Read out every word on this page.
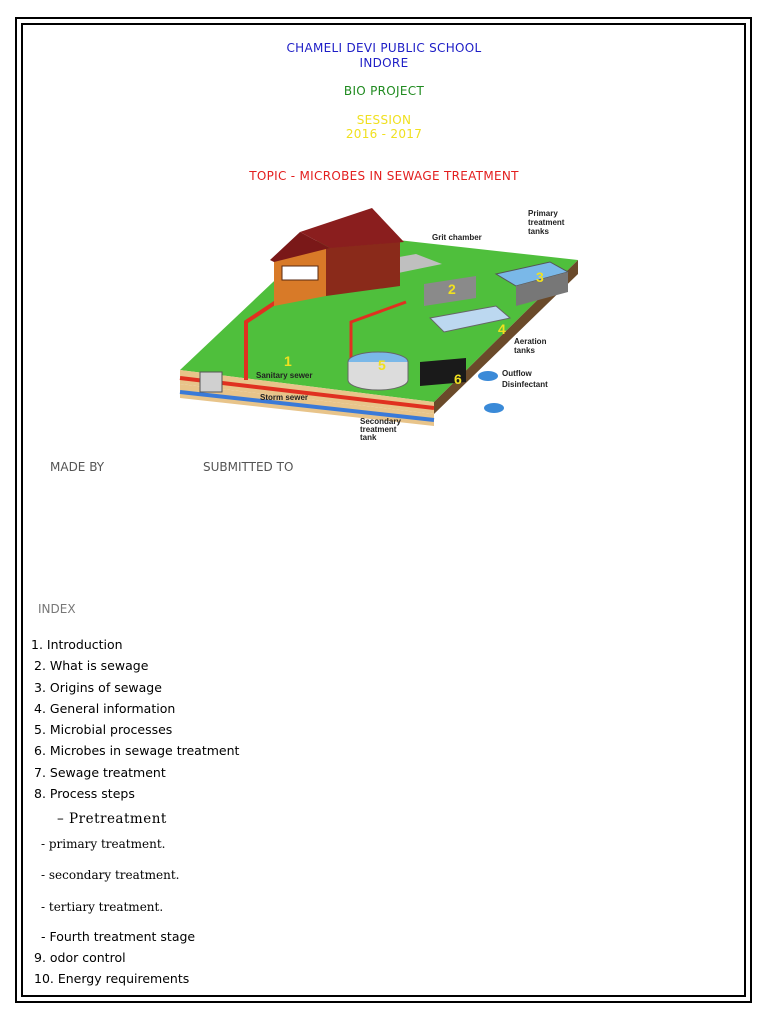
CHAMELI DEVI PUBLIC SCHOOL
INDORE
BIO PROJECT
SESSION
2016 - 2017
TOPIC - MICROBES IN SEWAGE TREATMENT
1
2
3
4
5
6
Grit chamber
Primary
treatment
tanks
Aeration
tanks
Outflow
Disinfectant
Sanitary sewer
Storm sewer
Secondary
treatment
tank
MADE BY	SUBMITTED TO
INDEX
1. Introduction
2. What is sewage
3. Origins of sewage
4. General information
5. Microbial processes
6. Microbes in sewage treatment
7. Sewage treatment
8. Process steps
– Pretreatment
- primary treatment.
- secondary treatment.
- tertiary treatment.
- Fourth treatment stage
9. odor control
10. Energy requirements
